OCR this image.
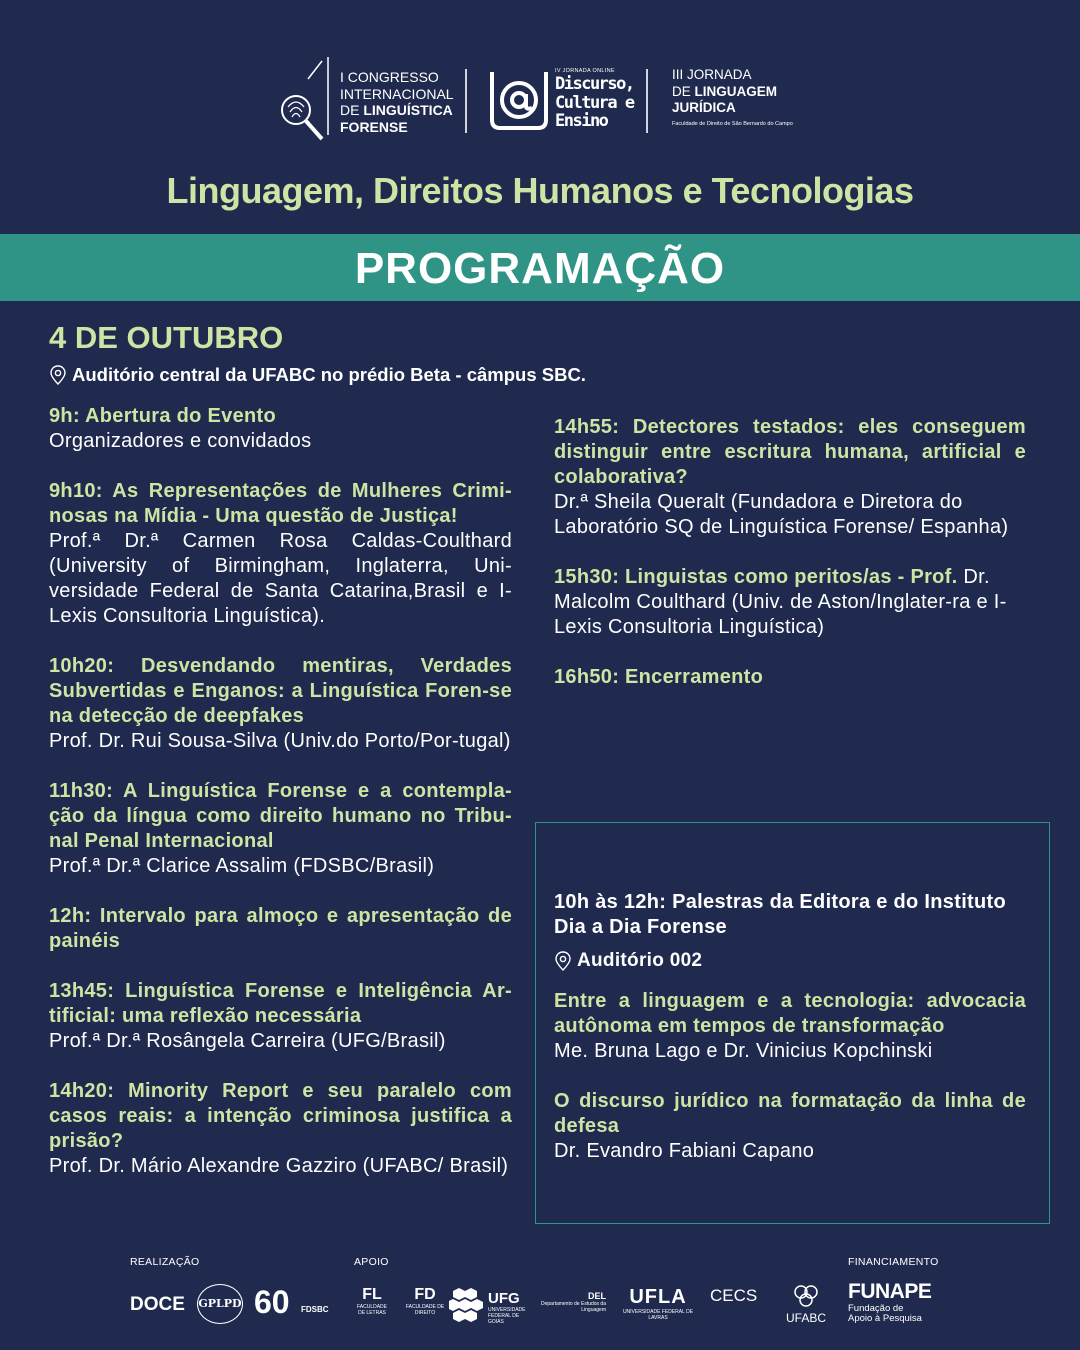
I CONGRESSO
INTERNACIONAL
DE LINGUÍSTICA
FORENSE
IV JORNADA ONLINE
Discurso,
Cultura e
Ensino
III JORNADA
DE LINGUAGEM
JURÍDICA
Faculdade de Direito de São Bernardo do Campo
Linguagem, Direitos Humanos e Tecnologias
PROGRAMAÇÃO
4 DE OUTUBRO
Auditório central da UFABC no prédio Beta - câmpus SBC.
9h: Abertura do Evento
Organizadores e convidados
9h10: As Representações de Mulheres Crimi-nosas na Mídia - Uma questão de Justiça!
Prof.ª Dr.ª Carmen Rosa Caldas-Coulthard (University of Birmingham, Inglaterra, Uni-versidade Federal de Santa Catarina,Brasil e I-Lexis Consultoria Linguística).
10h20: Desvendando mentiras, Verdades Subvertidas e Enganos: a Linguística Foren-se na detecção de deepfakes
Prof. Dr. Rui Sousa-Silva (Univ.do Porto/Por-tugal)
11h30: A Linguística Forense e a contempla-ção da língua como direito humano no Tribu-nal Penal Internacional
Prof.ª Dr.ª Clarice Assalim (FDSBC/Brasil)
12h: Intervalo para almoço e apresentação de painéis
13h45: Linguística Forense e Inteligência Ar-tificial: uma reflexão necessária
Prof.ª Dr.ª Rosângela Carreira (UFG/Brasil)
14h20: Minority Report e seu paralelo com casos reais: a intenção criminosa justifica a prisão?
Prof. Dr. Mário Alexandre Gazziro (UFABC/ Brasil)
14h55: Detectores testados: eles conseguem distinguir entre escritura humana, artificial e colaborativa?
Dr.ª Sheila Queralt (Fundadora e Diretora do Laboratório SQ de Linguística Forense/ Espanha)
15h30: Linguistas como peritos/as - Prof. Dr. Malcolm Coulthard (Univ. de Aston/Inglater-ra e I-Lexis Consultoria Linguística)
16h50: Encerramento
10h às 12h: Palestras da Editora e do Instituto Dia a Dia Forense
Auditório 002
Entre a linguagem e a tecnologia: advocacia autônoma em tempos de transformação
Me. Bruna Lago e Dr. Vinicius Kopchinski
O discurso jurídico na formatação da linha de defesa
Dr. Evandro Fabiani Capano
REALIZAÇÃO	APOIO	FINANCIAMENTO
DOCE GPLPD 60 FDSBC
FL
FACULDADE DE LETRAS
FD
FACULDADE DE DIREITO
UFG
UNIVERSIDADE FEDERAL DE GOIÁS
DEL
Departamento de Estudos da Linguagem
UFLA
UNIVERSIDADE FEDERAL DE LAVRAS
CECS
UFABC
FUNAPE
Fundação de
Apoio à Pesquisa
